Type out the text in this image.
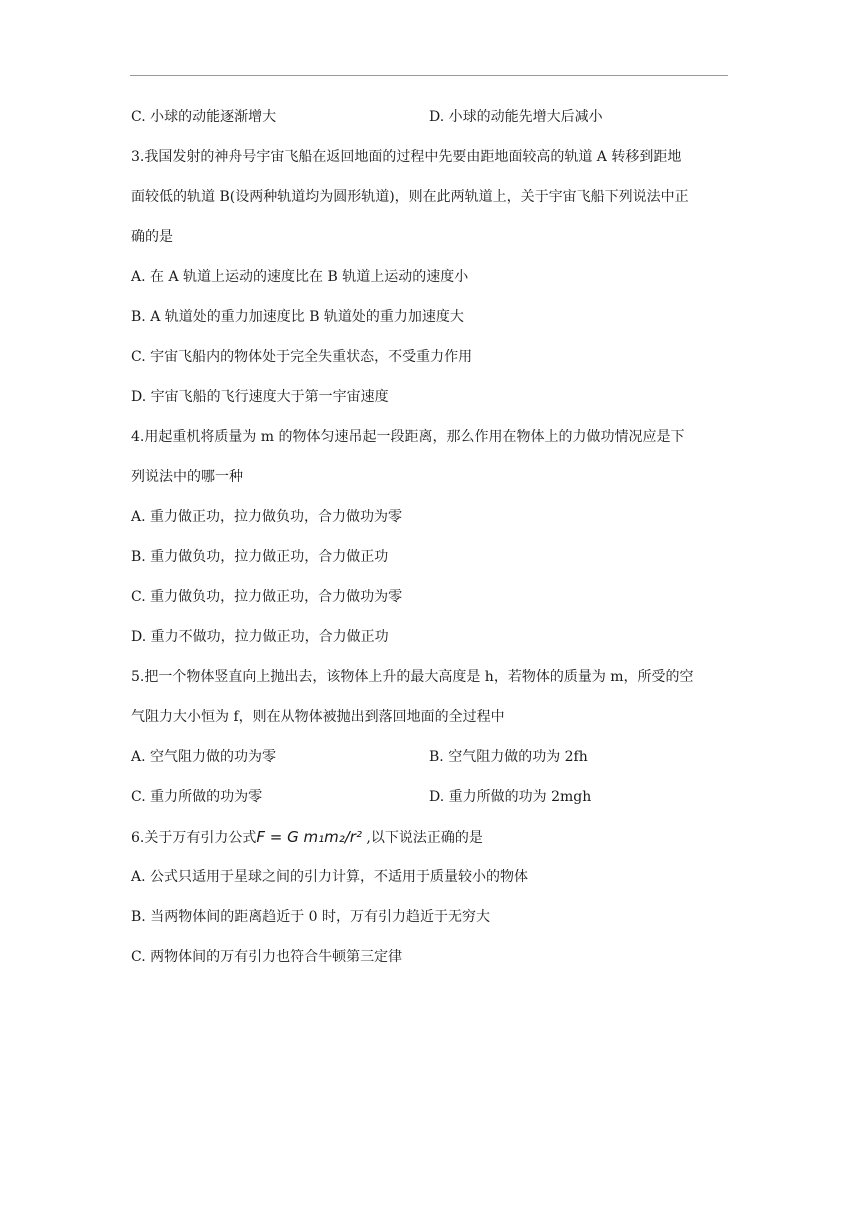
C. 小球的动能逐渐增大	D. 小球的动能先增大后减小

3.我国发射的神舟号宇宙飞船在返回地面的过程中先要由距地面较高的轨道 A 转移到距地

面较低的轨道 B(设两种轨道均为圆形轨道)，则在此两轨道上，关于宇宙飞船下列说法中正

确的是

A. 在 A 轨道上运动的速度比在 B 轨道上运动的速度小

B. A 轨道处的重力加速度比 B 轨道处的重力加速度大

C. 宇宙飞船内的物体处于完全失重状态，不受重力作用

D. 宇宙飞船的飞行速度大于第一宇宙速度

4.用起重机将质量为 m 的物体匀速吊起一段距离，那么作用在物体上的力做功情况应是下

列说法中的哪一种

A. 重力做正功，拉力做负功，合力做功为零

B. 重力做负功，拉力做正功，合力做正功

C. 重力做负功，拉力做正功，合力做功为零

D. 重力不做功，拉力做正功，合力做正功

5.把一个物体竖直向上抛出去，该物体上升的最大高度是 h，若物体的质量为 m，所受的空

气阻力大小恒为 f，则在从物体被抛出到落回地面的全过程中

A. 空气阻力做的功为零	B. 空气阻力做的功为 2fh
C. 重力所做的功为零	D. 重力所做的功为 2mgh

6.关于万有引力公式F = G m₁m₂/r² ,以下说法正确的是

A. 公式只适用于星球之间的引力计算，不适用于质量较小的物体

B. 当两物体间的距离趋近于 0 时，万有引力趋近于无穷大

C. 两物体间的万有引力也符合牛顿第三定律
